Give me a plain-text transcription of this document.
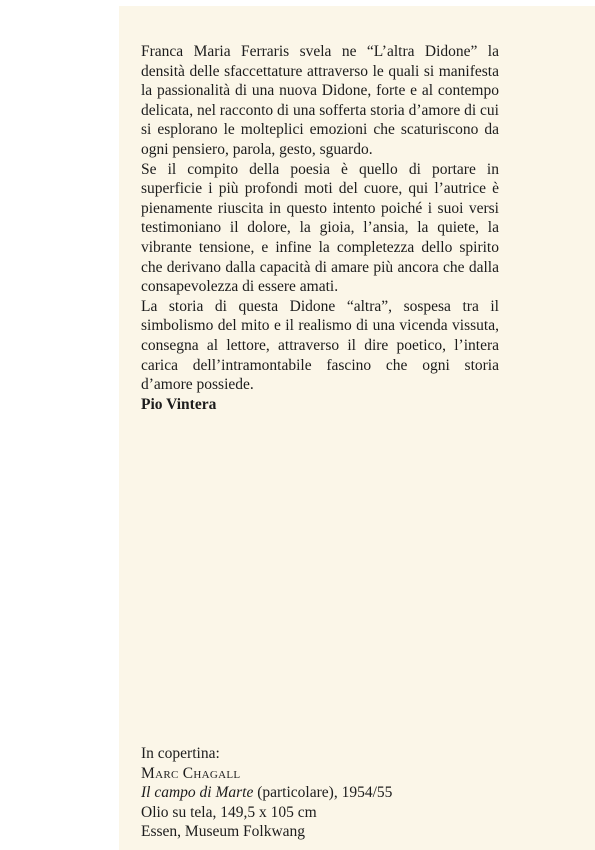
Franca Maria Ferraris svela ne “L’altra Didone” la densità delle sfaccettature attraverso le quali si manifesta la passionalità di una nuova Didone, forte e al contempo delicata, nel racconto di una sofferta storia d’amore di cui si esplorano le molteplici emozioni che scaturiscono da ogni pensiero, parola, gesto, sguardo.

Se il compito della poesia è quello di portare in superficie i più profondi moti del cuore, qui l’autrice è pienamente riuscita in questo intento poiché i suoi versi testimoniano il dolore, la gioia, l’ansia, la quiete, la vibrante tensione, e infine la completezza dello spirito che derivano dalla capacità di amare più ancora che dalla consapevolezza di essere amati.

La storia di questa Didone “altra”, sospesa tra il simbolismo del mito e il realismo di una vicenda vissuta, consegna al lettore, attraverso il dire poetico, l’intera carica dell’intramontabile fascino che ogni storia d’amore possiede.

Pio Vintera

In copertina:
Marc Chagall
Il campo di Marte (particolare), 1954/55
Olio su tela, 149,5 x 105 cm
Essen, Museum Folkwang
